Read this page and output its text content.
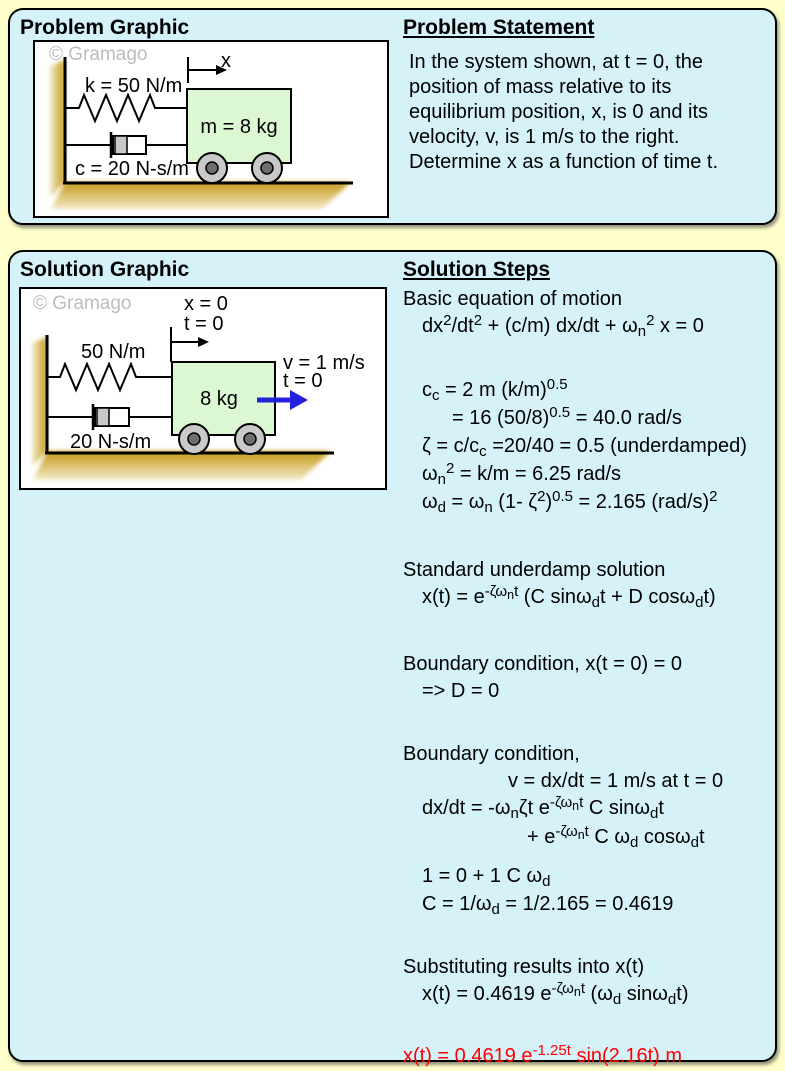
Problem Graphic
© Gramago	x
k = 50 N/m
c = 20 N-s/m
m = 8 kg
Problem Statement
In the system shown, at t = 0, the
position of mass relative to its
equilibrium position, x, is 0 and its
velocity, v, is 1 m/s to the right.
Determine x as a function of time t.
Solution Graphic
© Gramago	x = 0
t = 0
50 N/m
20 N-s/m
8 kg
v = 1 m/s
t = 0
Solution Steps
Basic equation of motion
$dx^2/dt^2 + (c/m) dx/dt + \omega_n^2$ x = 0
$c_c = 2$ m $(k/m)^{0.5}$
= 16 $(50/8)^{0.5} = 40.0$ rad/s
$\zeta = c/c_c =20/40 = 0.5$ (underdamped)
$\omega_n^2 = k/m = 6.25$ rad/s
$\omega_d = \omega_n$ (1- $\zeta^2)^{0.5} = 2.165$ $(rad/s)^2$
Standard underdamp solution
$x(t) = e^{-\zeta\omega nt}$ (C sinω$_d$t + D cosω$_d$t)
Boundary condition, x(t = 0) = 0
=> D = 0
Boundary condition,
v = dx/dt = 1 m/s at t = 0
$dx/dt = -\omega_n\zeta t$ $e^{-\zeta\omega nt}$ C sinω$_d$t
+ $e^{-\zeta\omega nt}$ C $\omega_d$ cosω$_d$t
1 = 0 + 1 C $\omega_d$
$C = 1/\omega_d = 1/2.165 = 0.4619$
Substituting results into x(t)
x(t) = 0.4619 $e^{-\zeta\omega nt}$ ($\omega_d$ sinω$_d$t)
x(t) = 0.4619 $e^{-1.25t}$ sin(2.16t) m
